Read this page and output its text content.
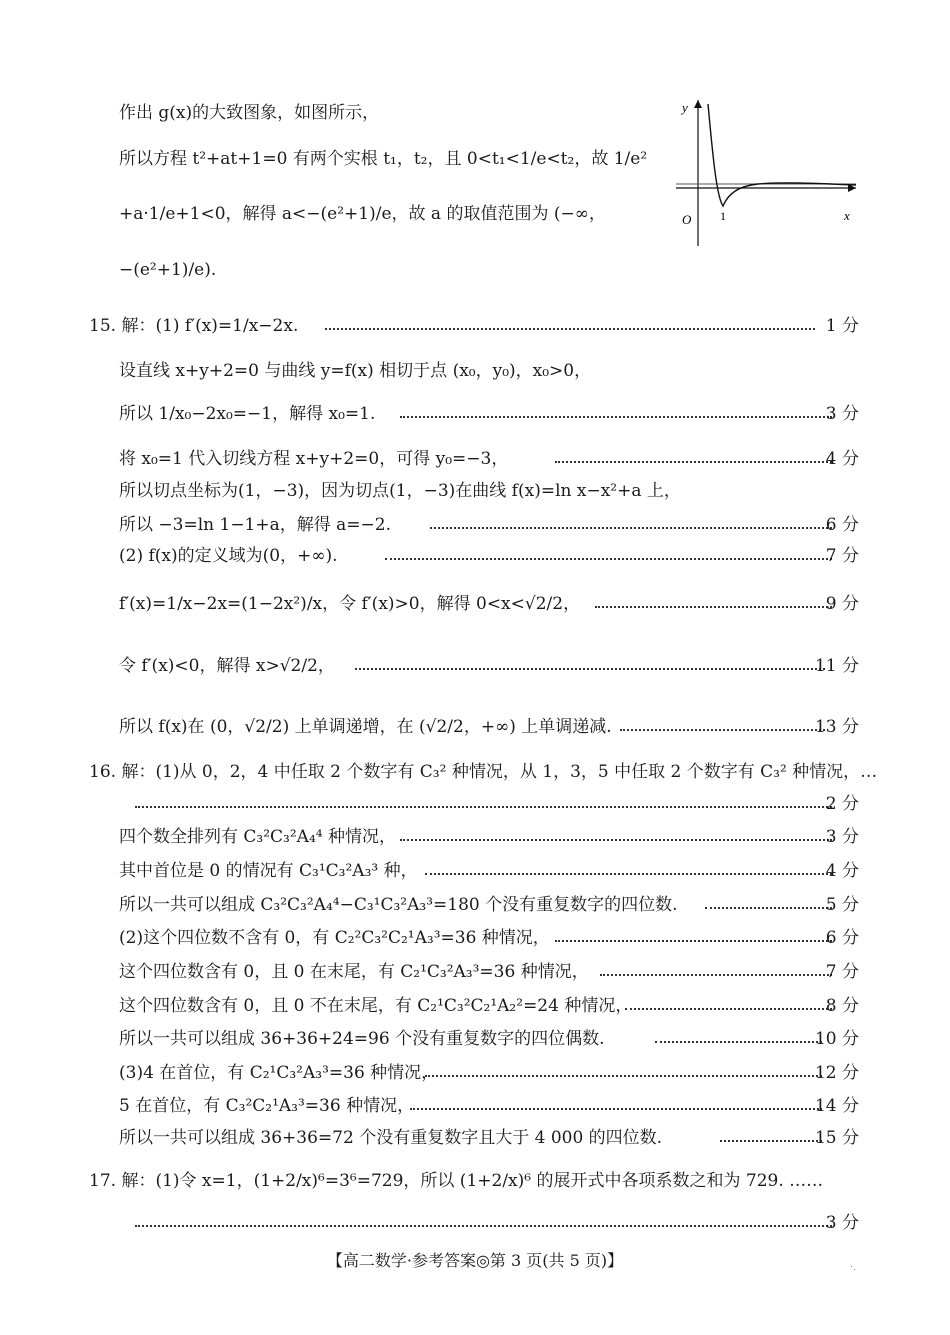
作出 g(x)的大致图象，如图所示，
所以方程 t²+at+1=0 有两个实根 t₁，t₂，且 0<t₁<1/e<t₂，故 1/e²
+a·1/e+1<0，解得 a<−(e²+1)/e，故 a 的取值范围为 (−∞，
−(e²+1)/e).
y
x
O 1
15. 解：(1) f′(x)=1/x−2x.	1 分
设直线 x+y+2=0 与曲线 y=f(x) 相切于点 (x₀，y₀)，x₀>0，
所以 1/x₀−2x₀=−1，解得 x₀=1.	3 分
将 x₀=1 代入切线方程 x+y+2=0，可得 y₀=−3，	4 分
所以切点坐标为(1，−3)，因为切点(1，−3)在曲线 f(x)=ln x−x²+a 上，
所以 −3=ln 1−1+a，解得 a=−2.	6 分
(2) f(x)的定义域为(0，+∞).	7 分
f′(x)=1/x−2x=(1−2x²)/x，令 f′(x)>0，解得 0<x<√2/2，	9 分
令 f′(x)<0，解得 x>√2/2，	11 分
所以 f(x)在 (0，√2/2) 上单调递增，在 (√2/2，+∞) 上单调递减.	13 分
16. 解：(1)从 0，2，4 中任取 2 个数字有 C₃² 种情况，从 1，3，5 中任取 2 个数字有 C₃² 种情况，…
2 分
四个数全排列有 C₃²C₃²A₄⁴ 种情况，	3 分
其中首位是 0 的情况有 C₃¹C₃²A₃³ 种，	4 分
所以一共可以组成 C₃²C₃²A₄⁴−C₃¹C₃²A₃³=180 个没有重复数字的四位数.	5 分
(2)这个四位数不含有 0，有 C₂²C₃²C₂¹A₃³=36 种情况，	6 分
这个四位数含有 0，且 0 在末尾，有 C₂¹C₃²A₃³=36 种情况，	7 分
这个四位数含有 0，且 0 不在末尾，有 C₂¹C₃²C₂¹A₂²=24 种情况，	8 分
所以一共可以组成 36+36+24=96 个没有重复数字的四位偶数.	10 分
(3)4 在首位，有 C₂¹C₃²A₃³=36 种情况，	12 分
5 在首位，有 C₃²C₂¹A₃³=36 种情况，	14 分
所以一共可以组成 36+36=72 个没有重复数字且大于 4 000 的四位数.	15 分
17. 解：(1)令 x=1，(1+2/x)⁶=3⁶=729，所以 (1+2/x)⁶ 的展开式中各项系数之和为 729. ……
3 分
【高二数学·参考答案◎第 3 页(共 5 页)】	·.
